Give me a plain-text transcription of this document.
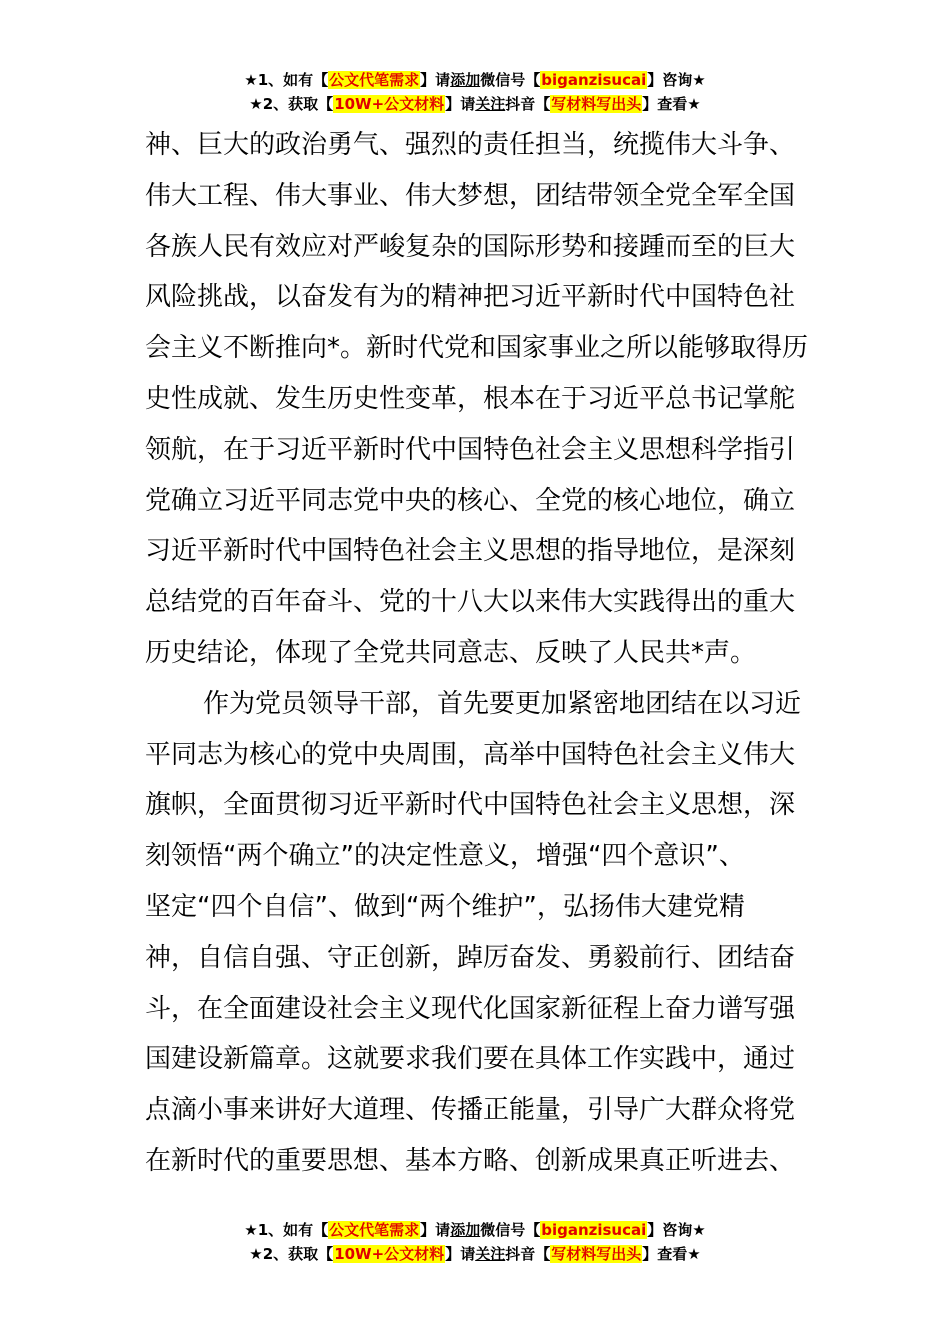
★1、如有【公文代笔需求】请添加微信号【biganzisucai】咨询★
★2、获取【10W+公文材料】请关注抖音【写材料写出头】查看★
神、巨大的政治勇气、强烈的责任担当，统揽伟大斗争、
伟大工程、伟大事业、伟大梦想，团结带领全党全军全国
各族人民有效应对严峻复杂的国际形势和接踵而至的巨大
风险挑战，以奋发有为的精神把习近平新时代中国特色社
会主义不断推向*。新时代党和国家事业之所以能够取得历
史性成就、发生历史性变革，根本在于习近平总书记掌舵
领航，在于习近平新时代中国特色社会主义思想科学指引
党确立习近平同志党中央的核心、全党的核心地位，确立
习近平新时代中国特色社会主义思想的指导地位，是深刻
总结党的百年奋斗、党的十八大以来伟大实践得出的重大
历史结论，体现了全党共同意志、反映了人民共*声。
作为党员领导干部，首先要更加紧密地团结在以习近
平同志为核心的党中央周围，高举中国特色社会主义伟大
旗帜，全面贯彻习近平新时代中国特色社会主义思想，深
刻领悟“两个确立”的决定性意义，增强“四个意识”、
坚定“四个自信”、做到“两个维护”，弘扬伟大建党精
神，自信自强、守正创新，踔厉奋发、勇毅前行、团结奋
斗，在全面建设社会主义现代化国家新征程上奋力谱写强
国建设新篇章。这就要求我们要在具体工作实践中，通过
点滴小事来讲好大道理、传播正能量，引导广大群众将党
在新时代的重要思想、基本方略、创新成果真正听进去、
★1、如有【公文代笔需求】请添加微信号【biganzisucai】咨询★
★2、获取【10W+公文材料】请关注抖音【写材料写出头】查看★
